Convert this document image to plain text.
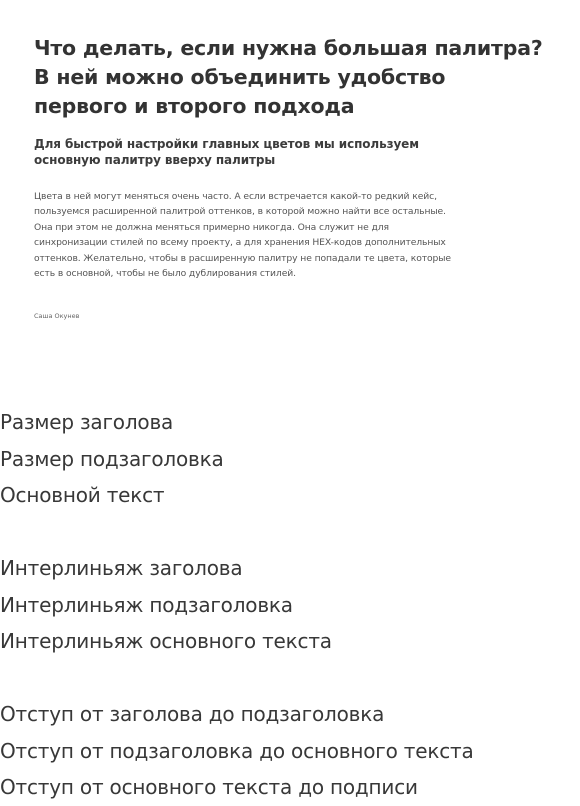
Что делать, если нужна большая палитра?
В ней можно объединить удобство
первого и второго подхода
Для быстрой настройки главных цветов мы используем
основную палитру вверху палитры

Цвета в ней могут меняться очень часто. А если встречается какой-то редкий кейс,
пользуемся расширенной палитрой оттенков, в которой можно найти все остальные.
Она при этом не должна меняться примерно никогда. Она служит не для
синхронизации стилей по всему проекту, а для хранения HEX-кодов дополнительных
оттенков. Желательно, чтобы в расширенную палитру не попадали те цвета, которые
есть в основной, чтобы не было дублирования стилей.

Саша Окунев
Размер заголова
Размер подзаголовка
Основной текст
Интерлиньяж заголова
Интерлиньяж подзаголовка
Интерлиньяж основного текста
Отступ от заголова до подзаголовка
Отступ от подзаголовка до основного текста
Отступ от основного текста до подписи
